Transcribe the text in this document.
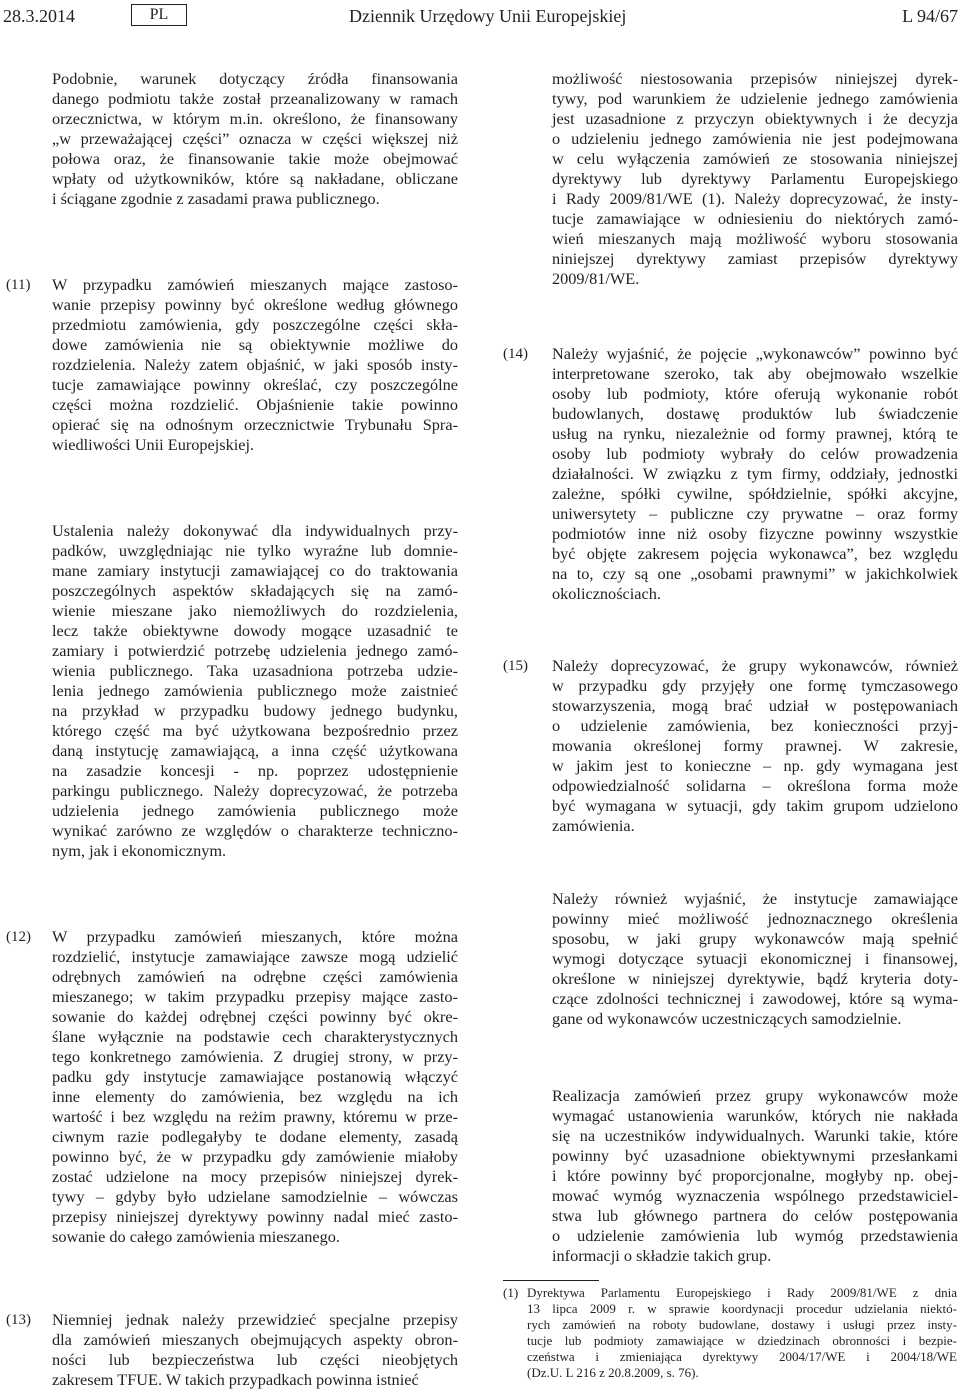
28.3.2014	PL	Dziennik Urzędowy Unii Europejskiej	L 94/67
Podobnie, warunek dotyczący źródła finansowania
danego podmiotu także został przeanalizowany w ramach
orzecznictwa, w którym m.in. określono, że finansowany
„w przeważającej części” oznacza w części większej niż
połowa oraz, że finansowanie takie może obejmować
wpłaty od użytkowników, które są nakładane, obliczane
i ściągane zgodnie z zasadami prawa publicznego.
(11) W przypadku zamówień mieszanych mające zastoso-
wanie przepisy powinny być określone według głównego
przedmiotu zamówienia, gdy poszczególne części skła-
dowe zamówienia nie są obiektywnie możliwe do
rozdzielenia. Należy zatem objaśnić, w jaki sposób insty-
tucje zamawiające powinny określać, czy poszczególne
części można rozdzielić. Objaśnienie takie powinno
opierać się na odnośnym orzecznictwie Trybunału Spra-
wiedliwości Unii Europejskiej.
Ustalenia należy dokonywać dla indywidualnych przy-
padków, uwzględniając nie tylko wyraźne lub domnie-
mane zamiary instytucji zamawiającej co do traktowania
poszczególnych aspektów składających się na zamó-
wienie mieszane jako niemożliwych do rozdzielenia,
lecz także obiektywne dowody mogące uzasadnić te
zamiary i potwierdzić potrzebę udzielenia jednego zamó-
wienia publicznego. Taka uzasadniona potrzeba udzie-
lenia jednego zamówienia publicznego może zaistnieć
na przykład w przypadku budowy jednego budynku,
którego część ma być użytkowana bezpośrednio przez
daną instytucję zamawiającą, a inna część użytkowana
na zasadzie koncesji - np. poprzez udostępnienie
parkingu publicznego. Należy doprecyzować, że potrzeba
udzielenia jednego zamówienia publicznego może
wynikać zarówno ze względów o charakterze techniczno-
nym, jak i ekonomicznym.
(12) W przypadku zamówień mieszanych, które można
rozdzielić, instytucje zamawiające zawsze mogą udzielić
odrębnych zamówień na odrębne części zamówienia
mieszanego; w takim przypadku przepisy mające zasto-
sowanie do każdej odrębnej części powinny być okre-
ślane wyłącznie na podstawie cech charakterystycznych
tego konkretnego zamówienia. Z drugiej strony, w przy-
padku gdy instytucje zamawiające postanowią włączyć
inne elementy do zamówienia, bez względu na ich
wartość i bez względu na reżim prawny, któremu w prze-
ciwnym razie podlegałyby te dodane elementy, zasadą
powinno być, że w przypadku gdy zamówienie miałoby
zostać udzielone na mocy przepisów niniejszej dyrek-
tywy – gdyby było udzielane samodzielnie – wówczas
przepisy niniejszej dyrektywy powinny nadal mieć zasto-
sowanie do całego zamówienia mieszanego.
(13) Niemniej jednak należy przewidzieć specjalne przepisy
dla zamówień mieszanych obejmujących aspekty obron-
ności lub bezpieczeństwa lub części nieobjętych
zakresem TFUE. W takich przypadkach powinna istnieć
możliwość niestosowania przepisów niniejszej dyrek-
tywy, pod warunkiem że udzielenie jednego zamówienia
jest uzasadnione z przyczyn obiektywnych i że decyzja
o udzieleniu jednego zamówienia nie jest podejmowana
w celu wyłączenia zamówień ze stosowania niniejszej
dyrektywy lub dyrektywy Parlamentu Europejskiego
i Rady 2009/81/WE (1). Należy doprecyzować, że insty-
tucje zamawiające w odniesieniu do niektórych zamó-
wień mieszanych mają możliwość wyboru stosowania
niniejszej dyrektywy zamiast przepisów dyrektywy
2009/81/WE.
(14) Należy wyjaśnić, że pojęcie „wykonawców” powinno być
interpretowane szeroko, tak aby obejmowało wszelkie
osoby lub podmioty, które oferują wykonanie robót
budowlanych, dostawę produktów lub świadczenie
usług na rynku, niezależnie od formy prawnej, którą te
osoby lub podmioty wybrały do celów prowadzenia
działalności. W związku z tym firmy, oddziały, jednostki
zależne, spółki cywilne, spółdzielnie, spółki akcyjne,
uniwersytety – publiczne czy prywatne – oraz formy
podmiotów inne niż osoby fizyczne powinny wszystkie
być objęte zakresem pojęcia wykonawca”, bez względu
na to, czy są one „osobami prawnymi” w jakichkolwiek
okolicznościach.
(15) Należy doprecyzować, że grupy wykonawców, również
w przypadku gdy przyjęły one formę tymczasowego
stowarzyszenia, mogą brać udział w postępowaniach
o udzielenie zamówienia, bez konieczności przyj-
mowania określonej formy prawnej. W zakresie,
w jakim jest to konieczne – np. gdy wymagana jest
odpowiedzialność solidarna – określona forma może
być wymagana w sytuacji, gdy takim grupom udzielono
zamówienia.
Należy również wyjaśnić, że instytucje zamawiające
powinny mieć możliwość jednoznacznego określenia
sposobu, w jaki grupy wykonawców mają spełnić
wymogi dotyczące sytuacji ekonomicznej i finansowej,
określone w niniejszej dyrektywie, bądź kryteria doty-
czące zdolności technicznej i zawodowej, które są wyma-
gane od wykonawców uczestniczących samodzielnie.
Realizacja zamówień przez grupy wykonawców może
wymagać ustanowienia warunków, których nie nakłada
się na uczestników indywidualnych. Warunki takie, które
powinny być uzasadnione obiektywnymi przesłankami
i które powinny być proporcjonalne, mogłyby np. obej-
mować wymóg wyznaczenia wspólnego przedstawiciel-
stwa lub głównego partnera do celów postępowania
o udzielenie zamówienia lub wymóg przedstawienia
informacji o składzie takich grup.
(1) Dyrektywa Parlamentu Europejskiego i Rady 2009/81/WE z dnia
13 lipca 2009 r. w sprawie koordynacji procedur udzielania niektó-
rych zamówień na roboty budowlane, dostawy i usługi przez insty-
tucje lub podmioty zamawiające w dziedzinach obronności i bezpie-
czeństwa i zmieniająca dyrektywy 2004/17/WE i 2004/18/WE
(Dz.U. L 216 z 20.8.2009, s. 76).
